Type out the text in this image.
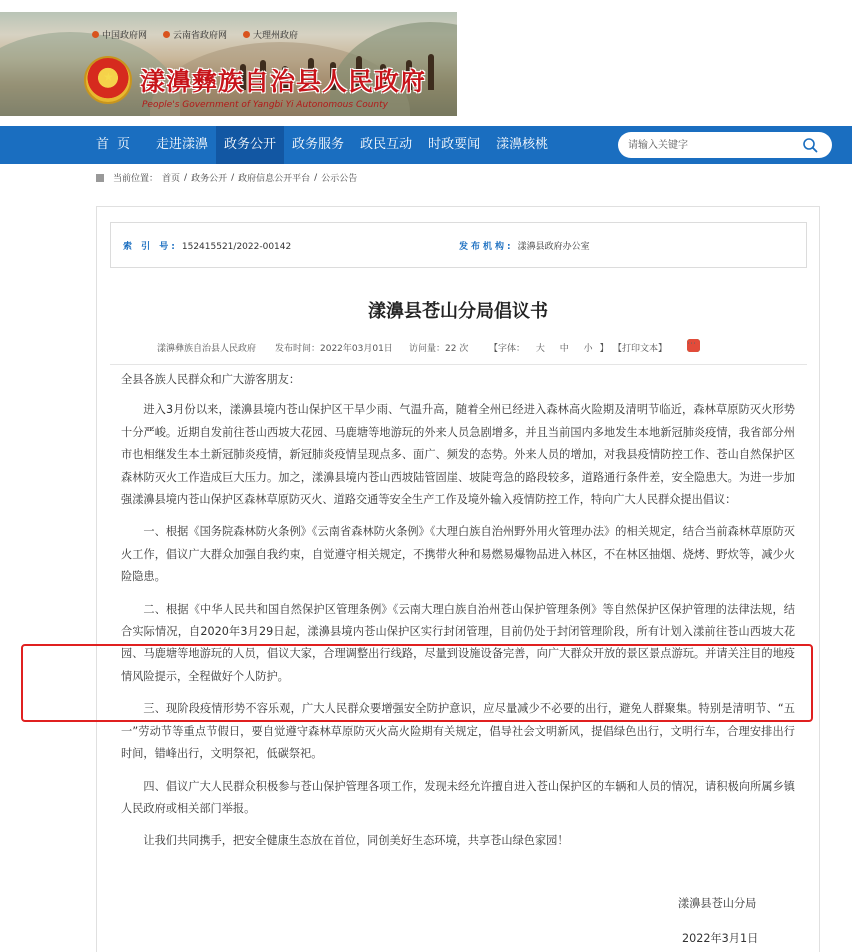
中国政府网	云南省政府网	大理州政府
★ 漾濞彝族自治县人民政府
People's Government of Yangbi Yi Autonomous County
首页	走进漾濞	政务公开	政务服务	政民互动	时政要闻	漾濞核桃
请输入关键字
当前位置： 首页 / 政务公开 / 政府信息公开平台 / 公示公告
索 引 号: 152415521/2022-00142	发布机构: 漾濞县政府办公室
漾濞县苍山分局倡议书
漾濞彝族自治县人民政府 发布时间：2022年03月01日 访问量：22 次 【字体： 大 中 小 】 【打印文本】 ⋯

全县各族人民群众和广大游客朋友：

进入3月份以来，漾濞县境内苍山保护区干旱少雨、气温升高，随着全州已经进入森林高火险期及清明节临近，森林草原防灭火形势十分严峻。近期自发前往苍山西坡大花园、马鹿塘等地游玩的外来人员急剧增多，并且当前国内多地发生本地新冠肺炎疫情，我省部分州市也相继发生本土新冠肺炎疫情，新冠肺炎疫情呈现点多、面广、频发的态势。外来人员的增加，对我县疫情防控工作、苍山自然保护区森林防灭火工作造成巨大压力。加之，漾濞县境内苍山西坡陆管固崖、坡陡弯急的路段较多，道路通行条件差，安全隐患大。为进一步加强漾濞县境内苍山保护区森林草原防灭火、道路交通等安全生产工作及境外输入疫情防控工作，特向广大人民群众提出倡议：

一、根据《国务院森林防火条例》《云南省森林防火条例》《大理白族自治州野外用火管理办法》的相关规定，结合当前森林草原防灭火工作，倡议广大群众加强自我约束，自觉遵守相关规定，不携带火种和易燃易爆物品进入林区，不在林区抽烟、烧烤、野炊等，减少火险隐患。

二、根据《中华人民共和国自然保护区管理条例》《云南大理白族自治州苍山保护管理条例》等自然保护区保护管理的法律法规，结合实际情况，自2020年3月29日起，漾濞县境内苍山保护区实行封闭管理，目前仍处于封闭管理阶段，所有计划入漾前往苍山西坡大花园、马鹿塘等地游玩的人员，倡议大家，合理调整出行线路，尽量到设施设备完善，向广大群众开放的景区景点游玩。并请关注目的地疫情风险提示，全程做好个人防护。

三、现阶段疫情形势不容乐观，广大人民群众要增强安全防护意识，应尽量减少不必要的出行，避免人群聚集。特别是清明节、“五一”劳动节等重点节假日，要自觉遵守森林草原防灭火高火险期有关规定，倡导社会文明新风，提倡绿色出行，文明行车，合理安排出行时间，错峰出行，文明祭祀，低碳祭祀。

四、倡议广大人民群众积极参与苍山保护管理各项工作，发现未经允许擅自进入苍山保护区的车辆和人员的情况，请积极向所属乡镇人民政府或相关部门举报。

让我们共同携手，把安全健康生态放在首位，同创美好生态环境，共享苍山绿色家园！

漾濞县苍山分局
2022年3月1日
